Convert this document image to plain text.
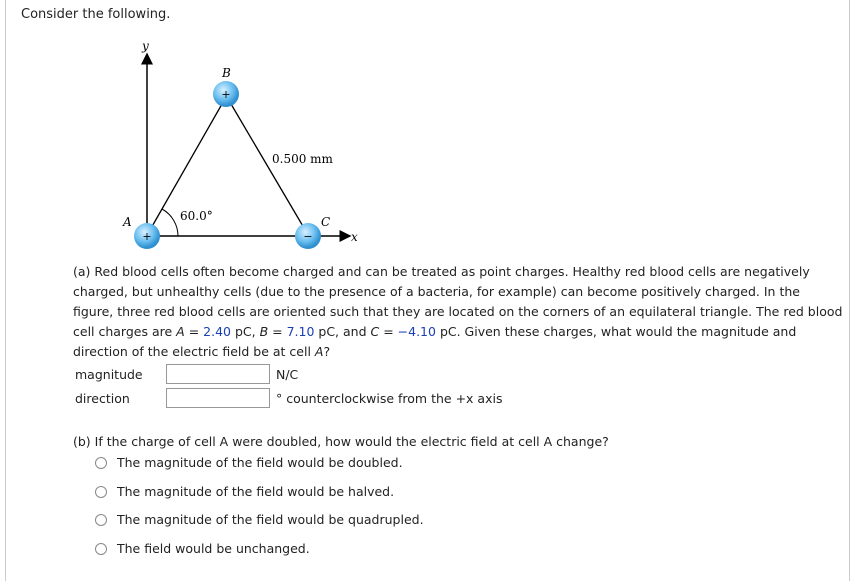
Consider the following.
y
x
A
B
C
0.500 mm
60.0°
+
+
−
(a) Red blood cells often become charged and can be treated as point charges. Healthy red blood cells are negatively charged, but unhealthy cells (due to the presence of a bacteria, for example) can become positively charged. In the figure, three red blood cells are oriented such that they are located on the corners of an equilateral triangle. The red blood cell charges are A = 2.40 pC, B = 7.10 pC, and C = −4.10 pC. Given these charges, what would the magnitude and direction of the electric field be at cell A?
magnitude	N/C
direction	° counterclockwise from the +x axis
(b) If the charge of cell A were doubled, how would the electric field at cell A change?
The magnitude of the field would be doubled.
The magnitude of the field would be halved.
The magnitude of the field would be quadrupled.
The field would be unchanged.
